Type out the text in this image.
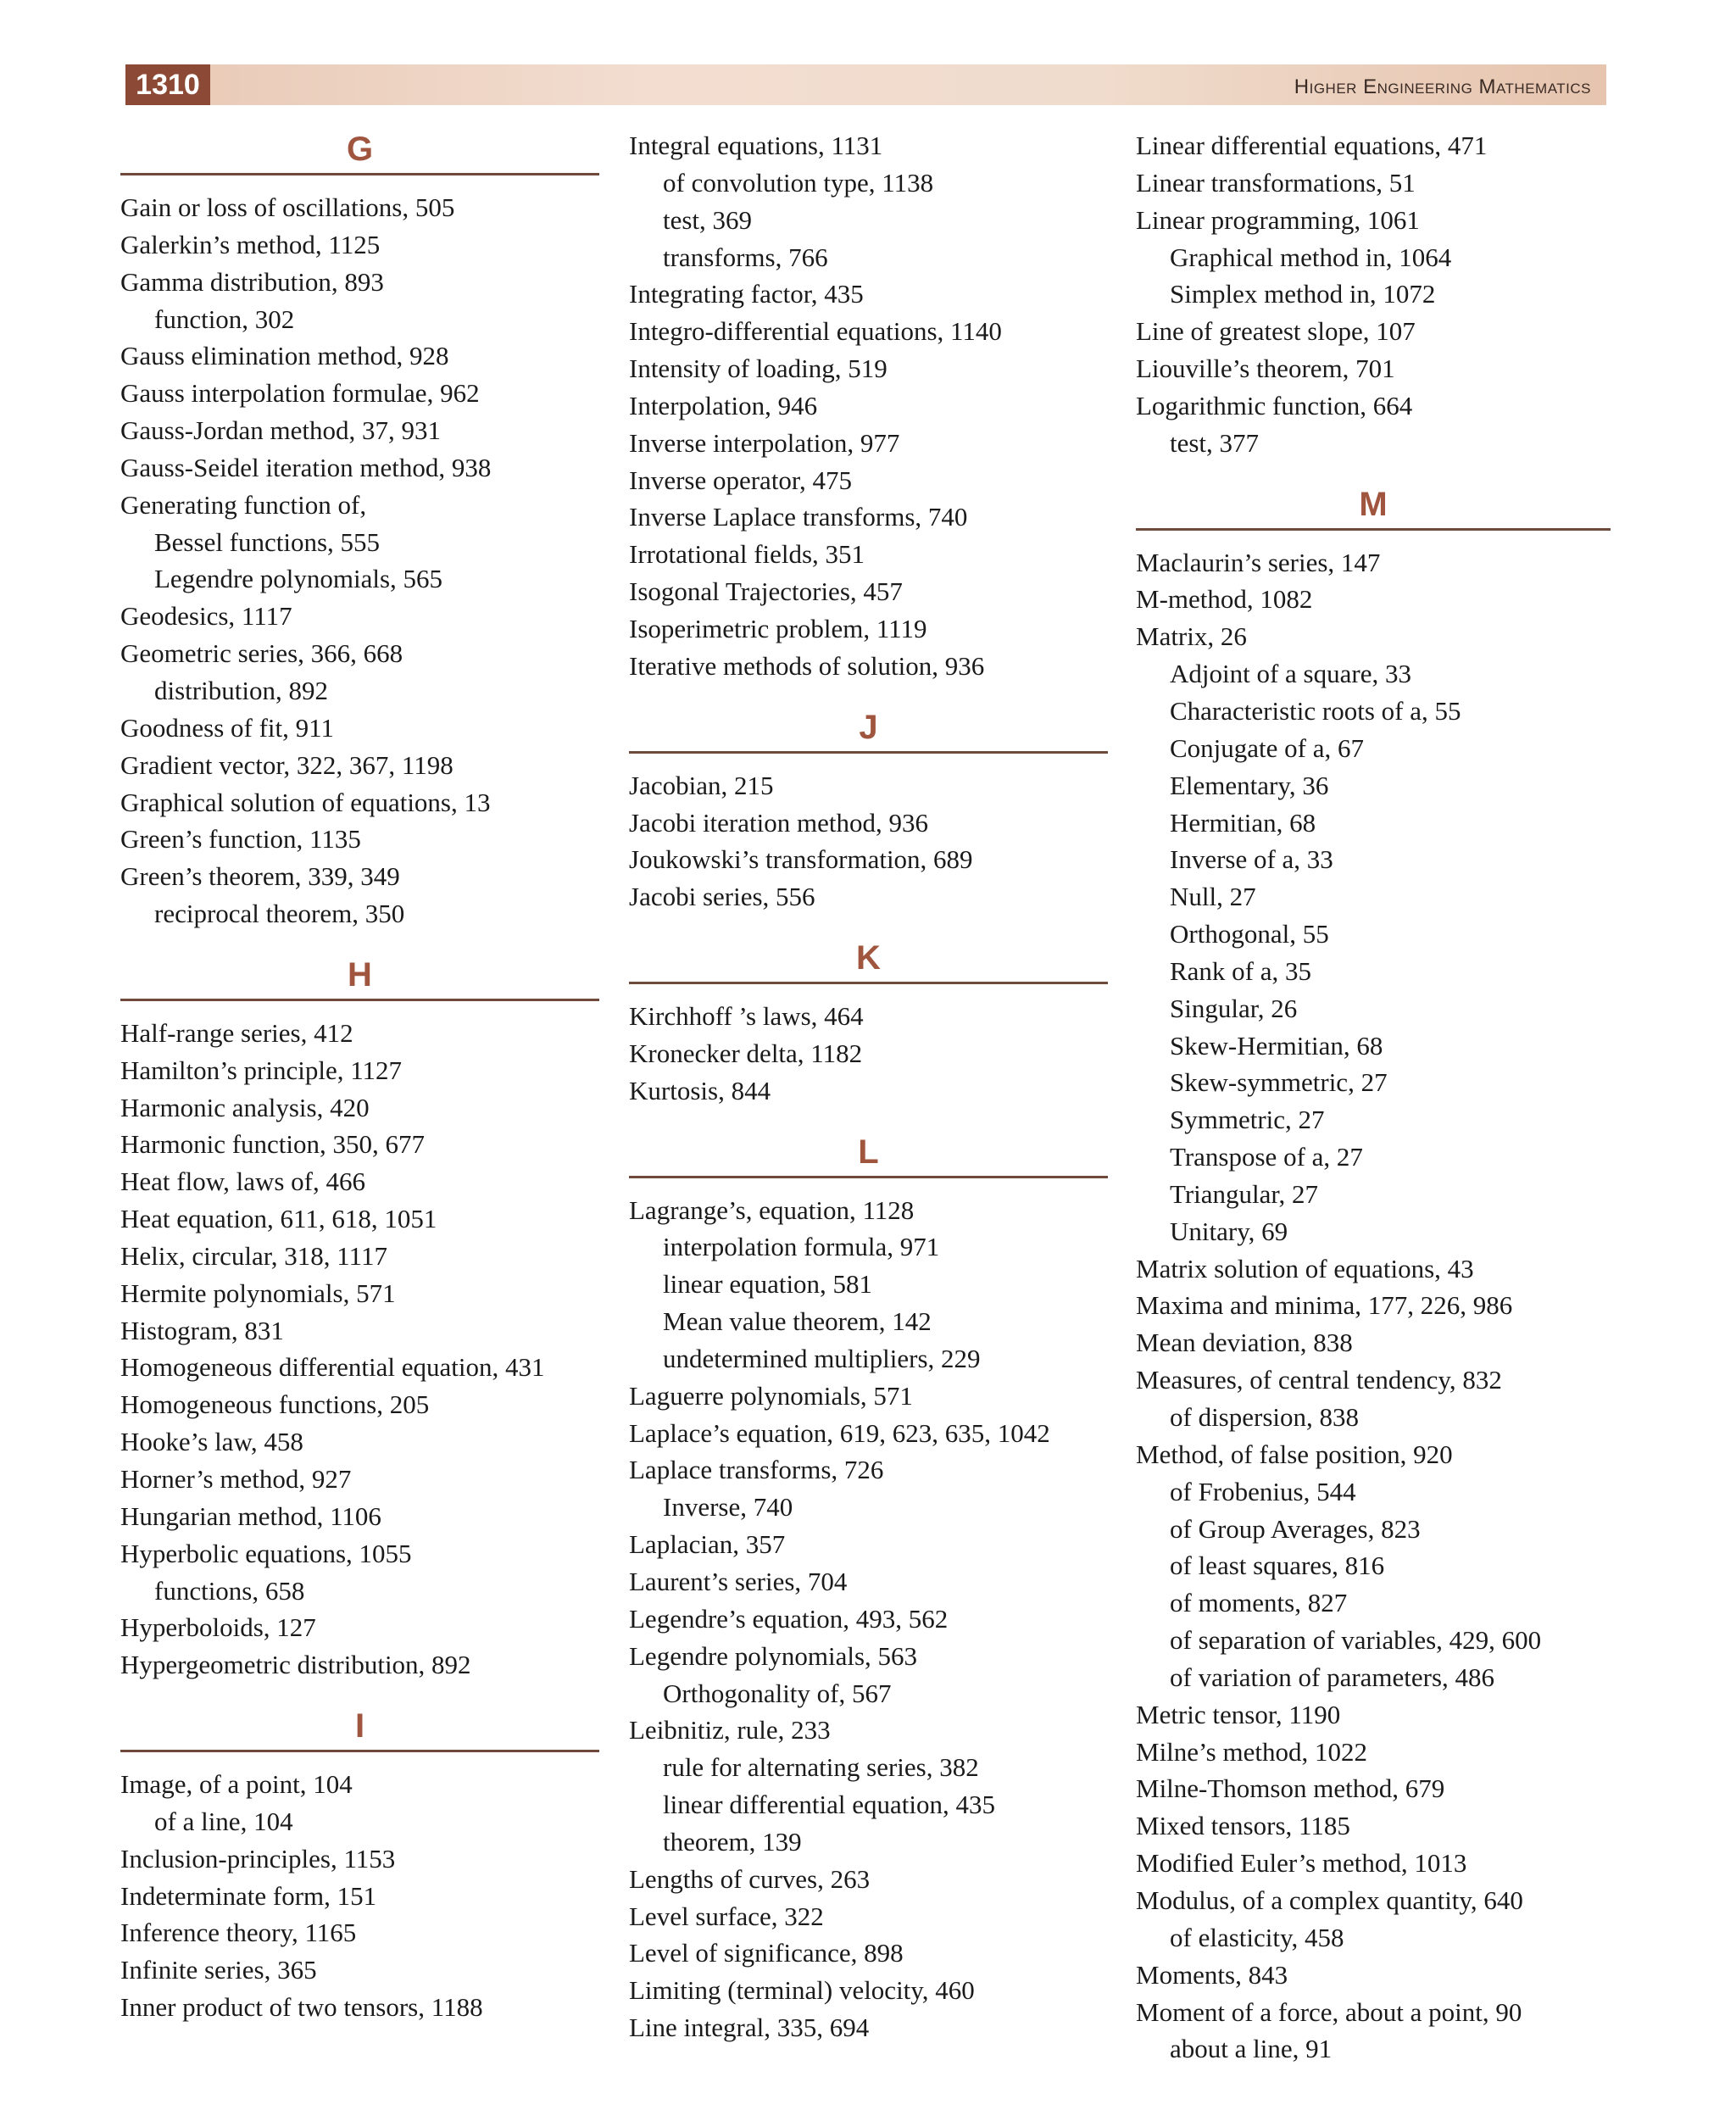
1310	Higher Engineering Mathematics
G
Gain or loss of oscillations, 505
Galerkin’s method, 1125
Gamma distribution, 893
function, 302
Gauss elimination method, 928
Gauss interpolation formulae, 962
Gauss-Jordan method, 37, 931
Gauss-Seidel iteration method, 938
Generating function of,
Bessel functions, 555
Legendre polynomials, 565
Geodesics, 1117
Geometric series, 366, 668
distribution, 892
Goodness of fit, 911
Gradient vector, 322, 367, 1198
Graphical solution of equations, 13
Green’s function, 1135
Green’s theorem, 339, 349
reciprocal theorem, 350
H
Half-range series, 412
Hamilton’s principle, 1127
Harmonic analysis, 420
Harmonic function, 350, 677
Heat flow, laws of, 466
Heat equation, 611, 618, 1051
Helix, circular, 318, 1117
Hermite polynomials, 571
Histogram, 831
Homogeneous differential equation, 431
Homogeneous functions, 205
Hooke’s law, 458
Horner’s method, 927
Hungarian method, 1106
Hyperbolic equations, 1055
functions, 658
Hyperboloids, 127
Hypergeometric distribution, 892
I
Image, of a point, 104
of a line, 104
Inclusion-principles, 1153
Indeterminate form, 151
Inference theory, 1165
Infinite series, 365
Inner product of two tensors, 1188
Integral equations, 1131
of convolution type, 1138
test, 369
transforms, 766
Integrating factor, 435
Integro-differential equations, 1140
Intensity of loading, 519
Interpolation, 946
Inverse interpolation, 977
Inverse operator, 475
Inverse Laplace transforms, 740
Irrotational fields, 351
Isogonal Trajectories, 457
Isoperimetric problem, 1119
Iterative methods of solution, 936
J
Jacobian, 215
Jacobi iteration method, 936
Joukowski’s transformation, 689
Jacobi series, 556
K
Kirchhoff ’s laws, 464
Kronecker delta, 1182
Kurtosis, 844
L
Lagrange’s, equation, 1128
interpolation formula, 971
linear equation, 581
Mean value theorem, 142
undetermined multipliers, 229
Laguerre polynomials, 571
Laplace’s equation, 619, 623, 635, 1042
Laplace transforms, 726
Inverse, 740
Laplacian, 357
Laurent’s series, 704
Legendre’s equation, 493, 562
Legendre polynomials, 563
Orthogonality of, 567
Leibnitiz, rule, 233
rule for alternating series, 382
linear differential equation, 435
theorem, 139
Lengths of curves, 263
Level surface, 322
Level of significance, 898
Limiting (terminal) velocity, 460
Line integral, 335, 694
Linear differential equations, 471
Linear transformations, 51
Linear programming, 1061
Graphical method in, 1064
Simplex method in, 1072
Line of greatest slope, 107
Liouville’s theorem, 701
Logarithmic function, 664
test, 377
M
Maclaurin’s series, 147
M-method, 1082
Matrix, 26
Adjoint of a square, 33
Characteristic roots of a, 55
Conjugate of a, 67
Elementary, 36
Hermitian, 68
Inverse of a, 33
Null, 27
Orthogonal, 55
Rank of a, 35
Singular, 26
Skew-Hermitian, 68
Skew-symmetric, 27
Symmetric, 27
Transpose of a, 27
Triangular, 27
Unitary, 69
Matrix solution of equations, 43
Maxima and minima, 177, 226, 986
Mean deviation, 838
Measures, of central tendency, 832
of dispersion, 838
Method, of false position, 920
of Frobenius, 544
of Group Averages, 823
of least squares, 816
of moments, 827
of separation of variables, 429, 600
of variation of parameters, 486
Metric tensor, 1190
Milne’s method, 1022
Milne-Thomson method, 679
Mixed tensors, 1185
Modified Euler’s method, 1013
Modulus, of a complex quantity, 640
of elasticity, 458
Moments, 843
Moment of a force, about a point, 90
about a line, 91
